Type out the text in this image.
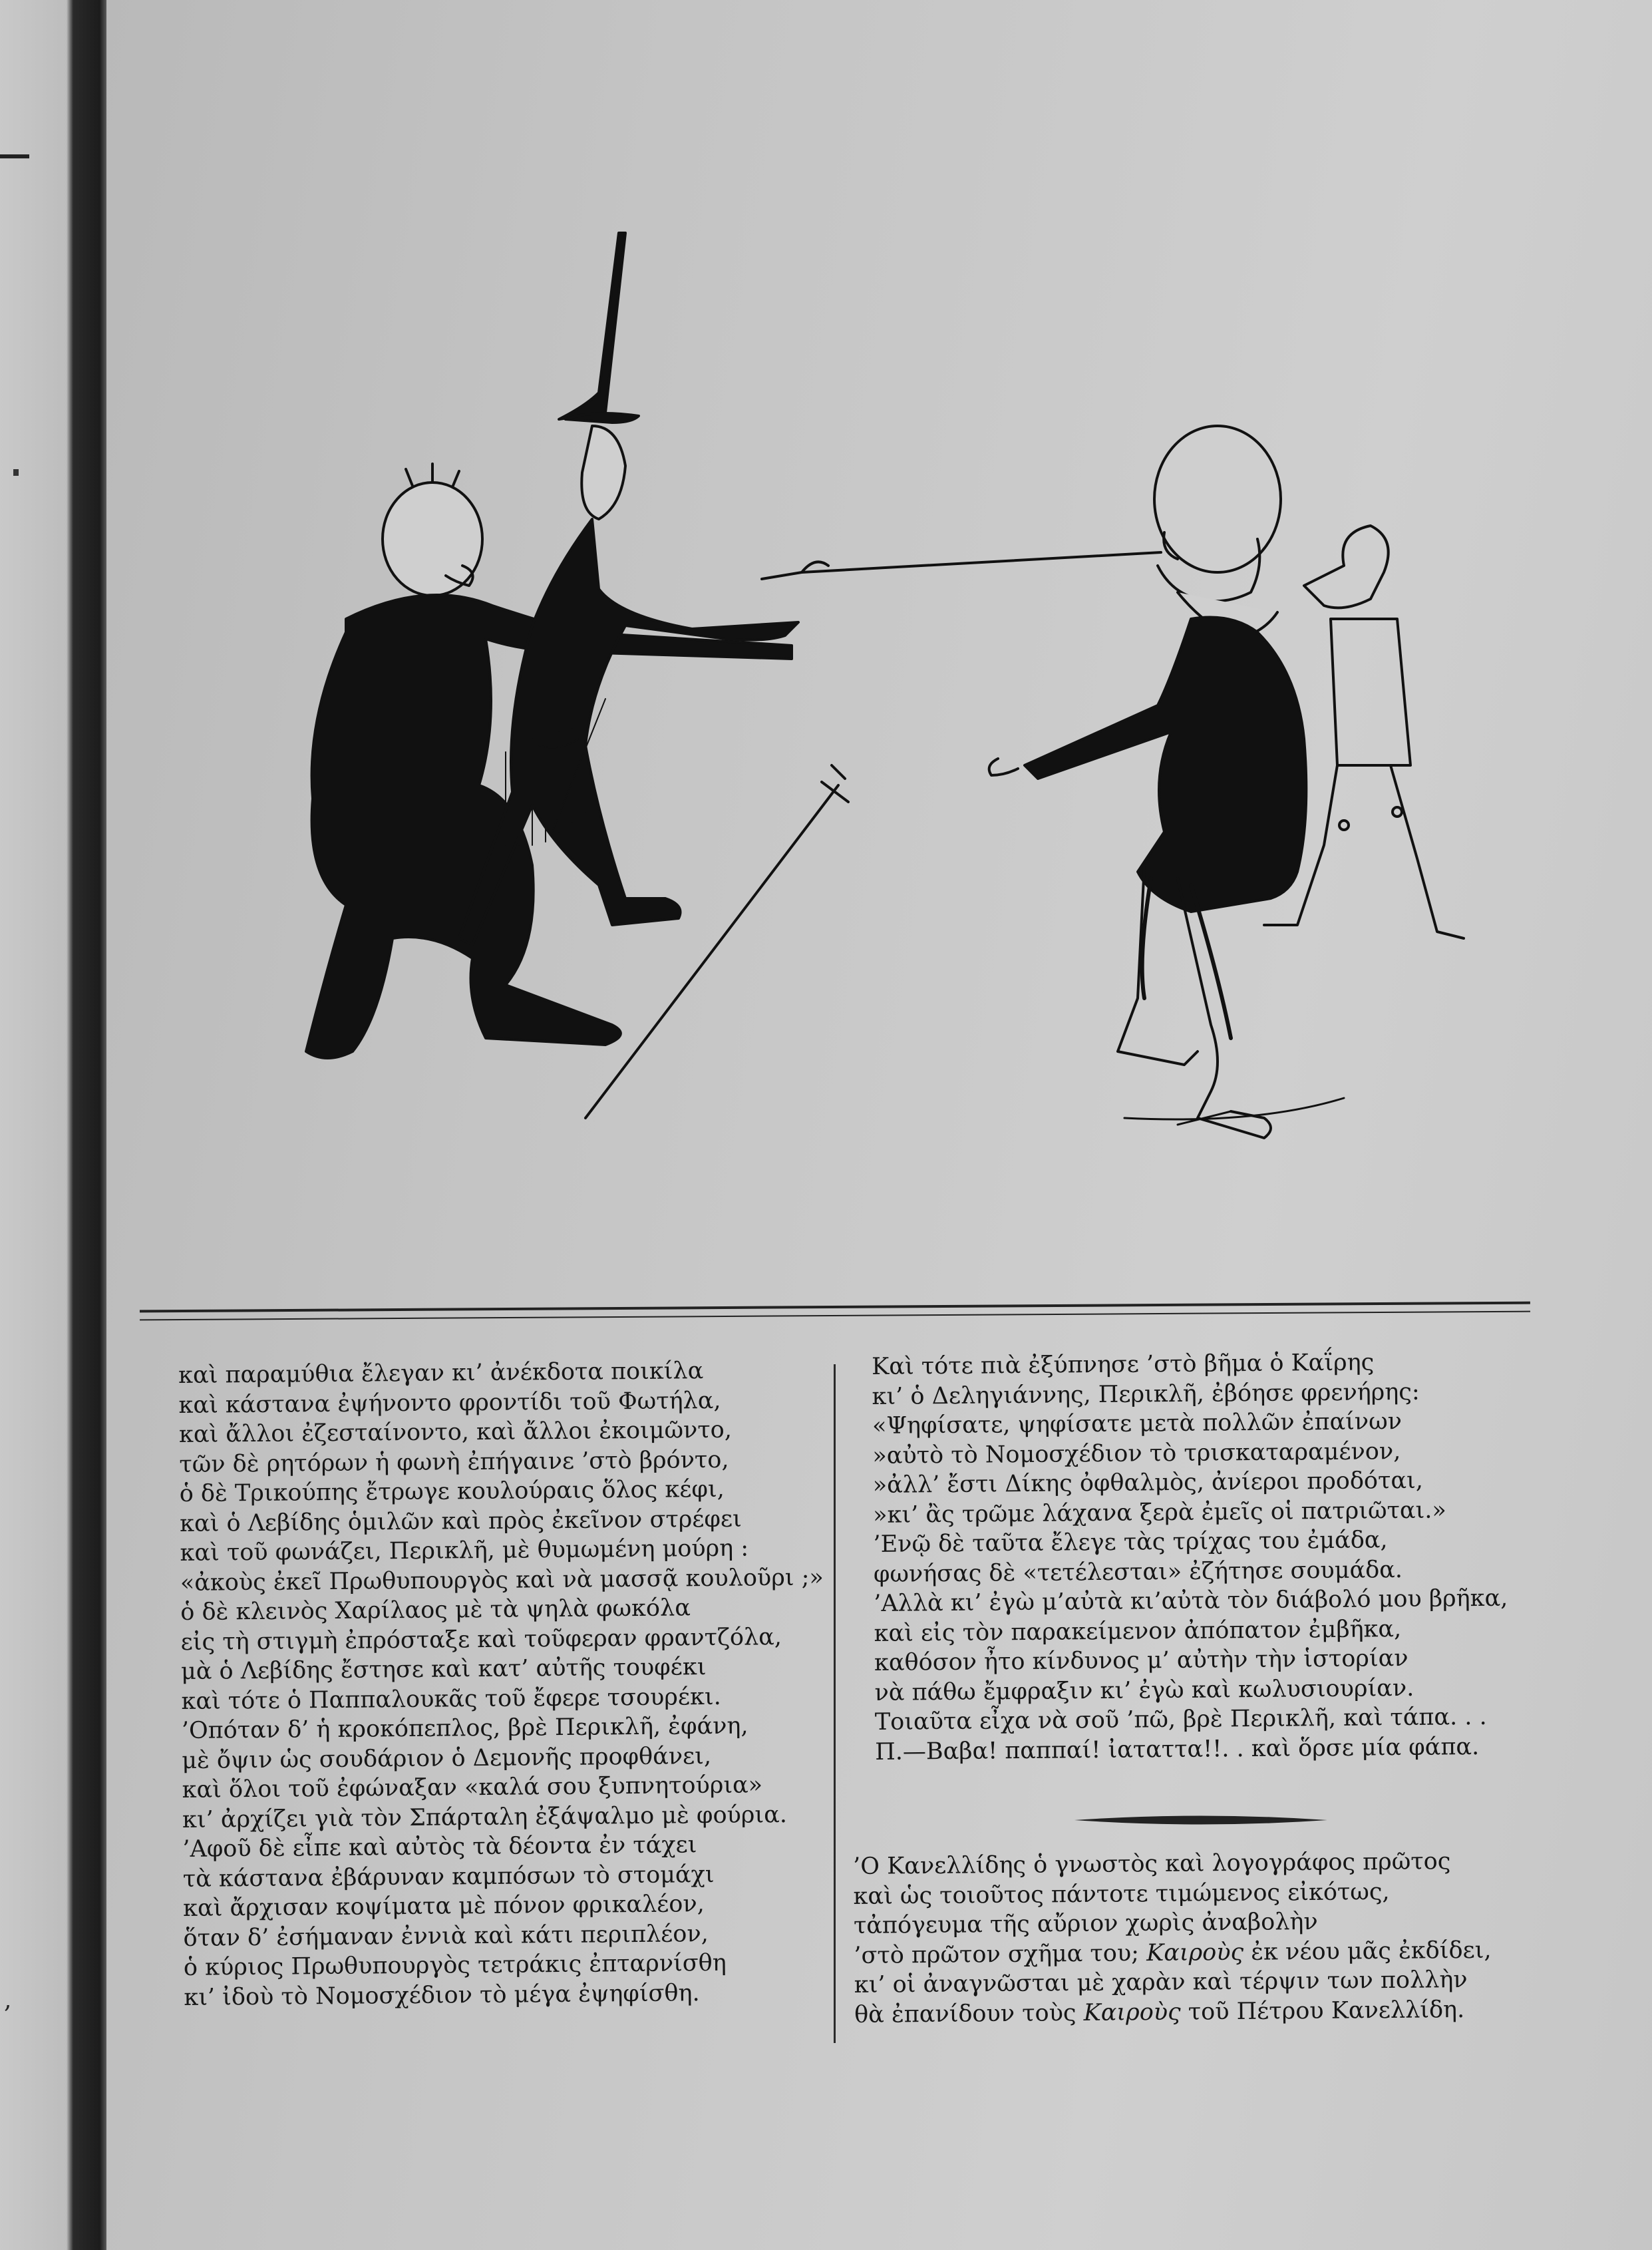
,
καὶ παραμύθια ἔλεγαν κι’ ἀνέκδοτα ποικίλα
καὶ κάστανα ἐψήνοντο φροντίδι τοῦ Φωτήλα,
καὶ ἄλλοι ἐζεσταίνοντο, καὶ ἄλλοι ἐκοιμῶντο,
τῶν δὲ ρητόρων ἡ φωνὴ ἐπήγαινε ’στὸ βρόντο,
ὁ δὲ Τρικούπης ἔτρωγε κουλούραις ὅλος κέφι,
καὶ ὁ Λεβίδης ὁμιλῶν καὶ πρὸς ἐκεῖνον στρέφει
καὶ τοῦ φωνάζει, Περικλῆ, μὲ θυμωμένη μούρη :
«ἀκοὺς ἐκεῖ Πρωθυπουργὸς καὶ νὰ μασσᾷ κουλοῦρι ;»
ὁ δὲ κλεινὸς Χαρίλαος μὲ τὰ ψηλὰ φωκόλα
εἰς τὴ στιγμὴ ἐπρόσταξε καὶ τοῦφεραν φραντζόλα,
μὰ ὁ Λεβίδης ἔστησε καὶ κατ’ αὐτῆς τουφέκι
καὶ τότε ὁ Παππαλουκᾶς τοῦ ἔφερε τσουρέκι.
’Οπόταν δ’ ἡ κροκόπεπλος, βρὲ Περικλῆ, ἐφάνη,
μὲ ὄψιν ὡς σουδάριον ὁ Δεμονῆς προφθάνει,
καὶ ὅλοι τοῦ ἐφώναξαν «καλά σου ξυπνητούρια»
κι’ ἀρχίζει γιὰ τὸν Σπάρταλη ἐξάψαλμο μὲ φούρια.
’Αφοῦ δὲ εἶπε καὶ αὐτὸς τὰ δέοντα ἐν τάχει
τὰ κάστανα ἐβάρυναν καμπόσων τὸ στομάχι
καὶ ἄρχισαν κοψίματα μὲ πόνον φρικαλέον,
ὅταν δ’ ἐσήμαναν ἐννιὰ καὶ κάτι περιπλέον,
ὁ κύριος Πρωθυπουργὸς τετράκις ἐπταρνίσθη
κι’ ἰδοὺ τὸ Νομοσχέδιον τὸ μέγα ἐψηφίσθη.
Καὶ τότε πιὰ ἐξύπνησε ’στὸ βῆμα ὁ Καΐρης
κι’ ὁ Δεληγιάννης, Περικλῆ, ἐβόησε φρενήρης:
«Ψηφίσατε, ψηφίσατε μετὰ πολλῶν ἐπαίνων
»αὐτὸ τὸ Νομοσχέδιον τὸ τρισκαταραμένον,
»ἀλλ’ ἔστι Δίκης ὀφθαλμὸς, ἀνίεροι προδόται,
»κι’ ἂς τρῶμε λάχανα ξερὰ ἐμεῖς οἱ πατριῶται.»
’Ενῷ δὲ ταῦτα ἔλεγε τὰς τρίχας του ἐμάδα,
φωνήσας δὲ «τετέλεσται» ἐζήτησε σουμάδα.
’Αλλὰ κι’ ἐγὼ μ’αὐτὰ κι’αὐτὰ τὸν διάβολό μου βρῆκα,
καὶ εἰς τὸν παρακείμενον ἀπόπατον ἐμβῆκα,
καθόσον ἦτο κίνδυνος μ’ αὐτὴν τὴν ἱστορίαν
νὰ πάθω ἔμφραξιν κι’ ἐγὼ καὶ κωλυσιουρίαν.
Τοιαῦτα εἶχα νὰ σοῦ ’πῶ, βρὲ Περικλῆ, καὶ τάπα. . .
Π.—Βαβα! παππαί! ἰαταττα!!. . καὶ ὅρσε μία φάπα.
’Ο Κανελλίδης ὁ γνωστὸς καὶ λογογράφος πρῶτος
καὶ ὡς τοιοῦτος πάντοτε τιμώμενος εἰκότως,
τἀπόγευμα τῆς αὔριον χωρὶς ἀναβολὴν
’στὸ πρῶτον σχῆμα του; Καιροὺς ἐκ νέου μᾶς ἐκδίδει,
κι’ οἱ ἀναγνῶσται μὲ χαρὰν καὶ τέρψιν των πολλὴν
θὰ ἐπανίδουν τοὺς Καιροὺς τοῦ Πέτρου Κανελλίδη.
